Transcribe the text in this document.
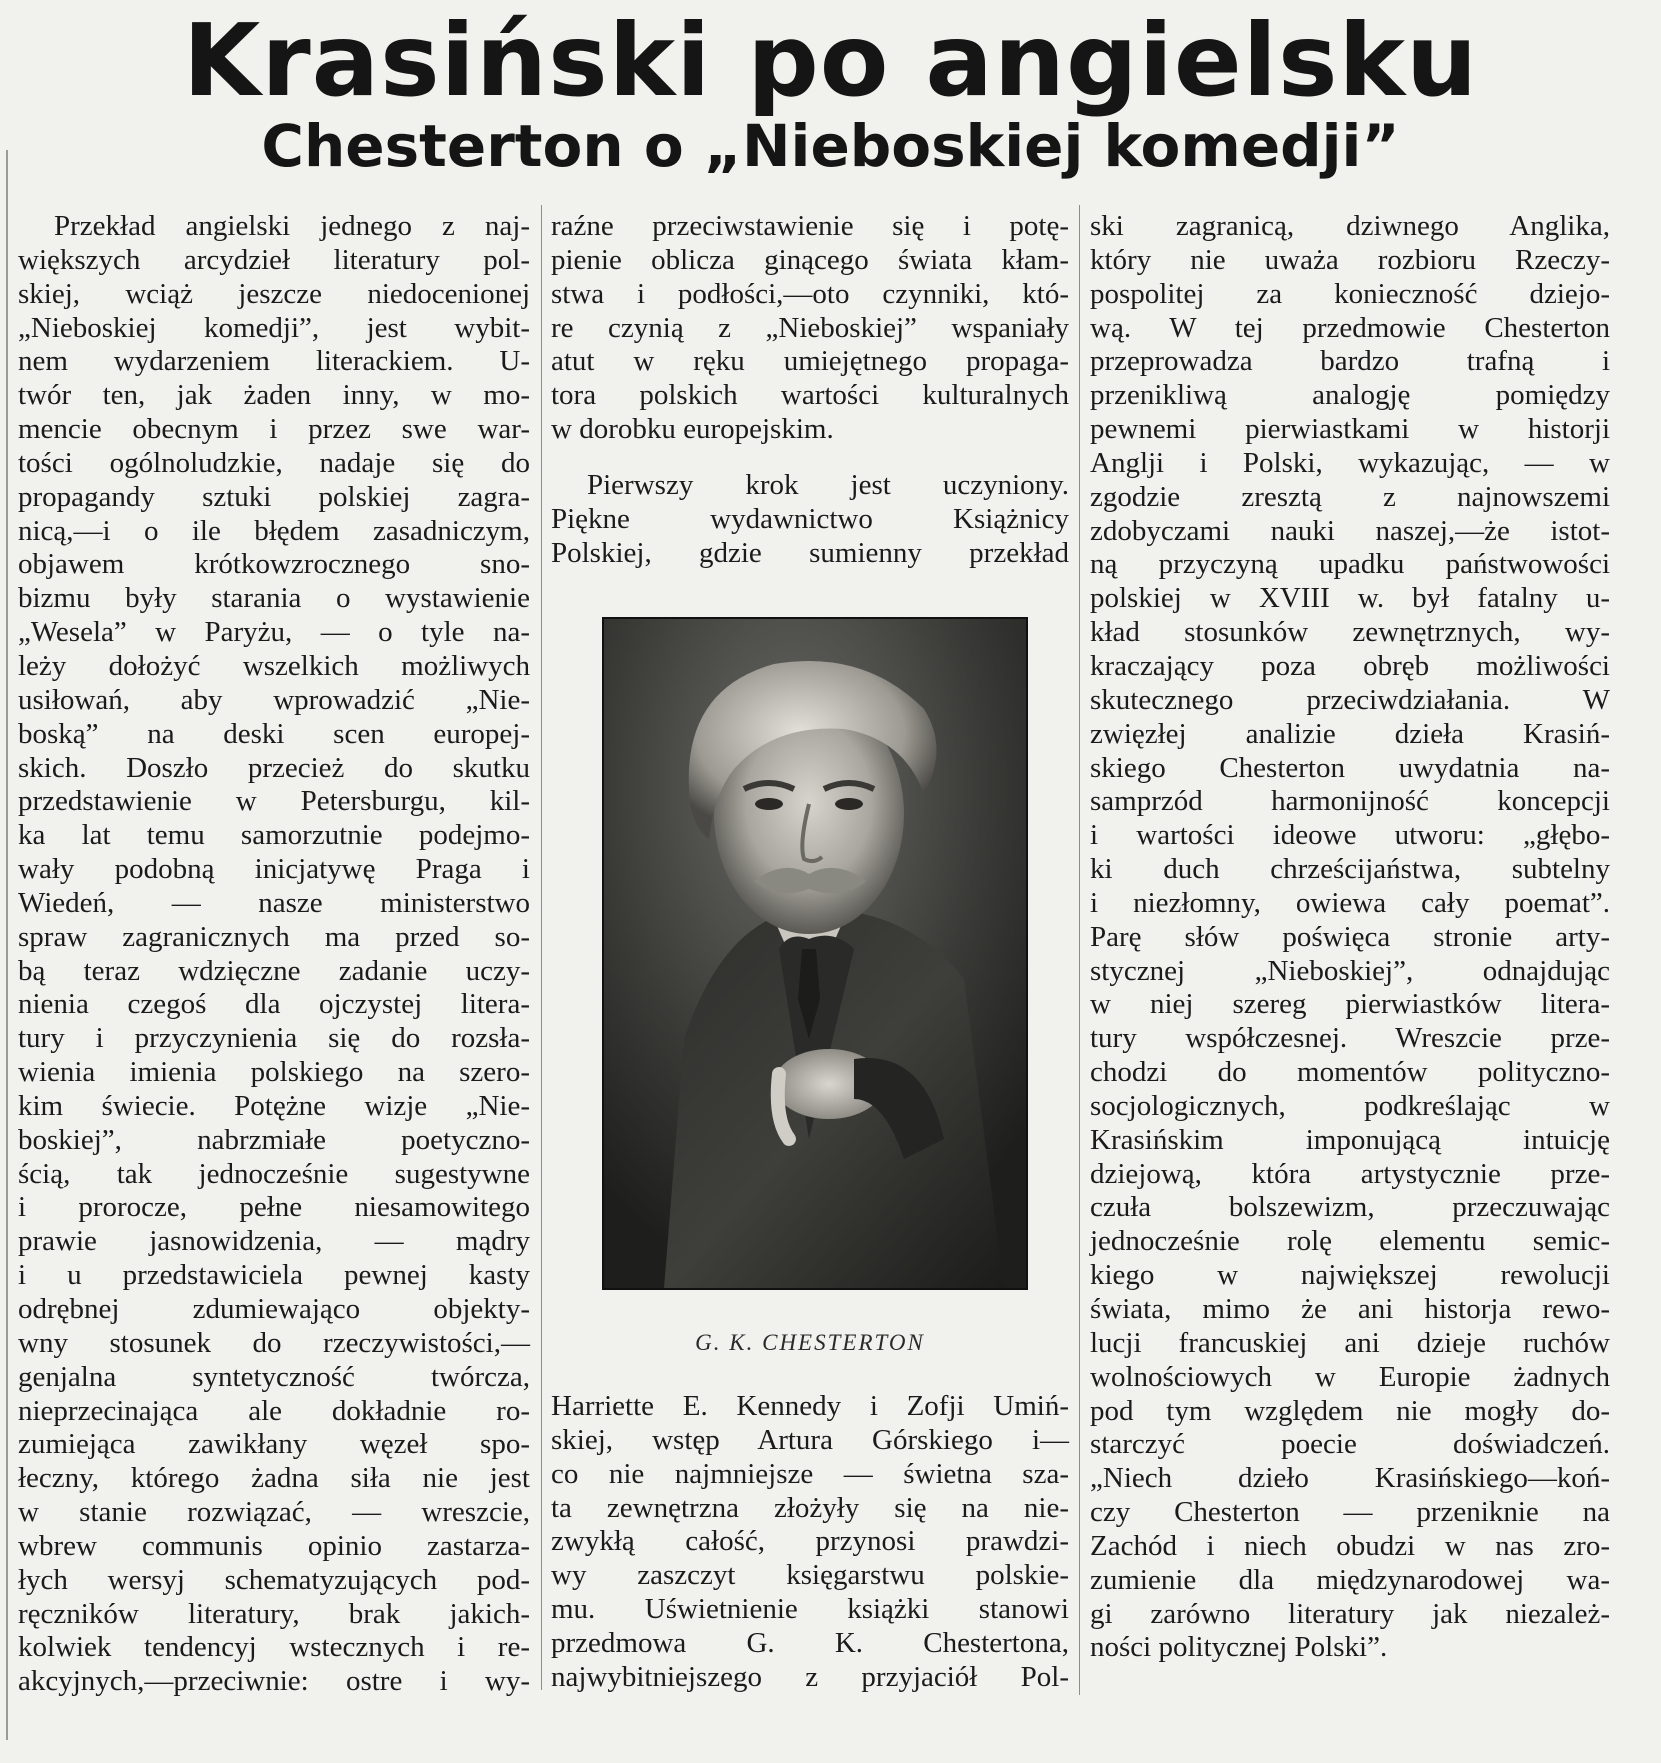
Krasiński po angielsku
Chesterton o „Nieboskiej komedji”

Przekład angielski jednego z naj-
większych arcydzieł literatury pol-
skiej, wciąż jeszcze niedocenionej
„Nieboskiej komedji”, jest wybit-
nem wydarzeniem literackiem. U-
twór ten, jak żaden inny, w mo-
mencie obecnym i przez swe war-
tości ogólnoludzkie, nadaje się do
propagandy sztuki polskiej zagra-
nicą,—i o ile błędem zasadniczym,
objawem krótkowzrocznego sno-
bizmu były starania o wystawienie
„Wesela” w Paryżu, — o tyle na-
leży dołożyć wszelkich możliwych
usiłowań, aby wprowadzić „Nie-
boską” na deski scen europej-
skich. Doszło przecież do skutku
przedstawienie w Petersburgu, kil-
ka lat temu samorzutnie podejmo-
wały podobną inicjatywę Praga i
Wiedeń, — nasze ministerstwo
spraw zagranicznych ma przed so-
bą teraz wdzięczne zadanie uczy-
nienia czegoś dla ojczystej litera-
tury i przyczynienia się do rozsła-
wienia imienia polskiego na szero-
kim świecie. Potężne wizje „Nie-
boskiej”, nabrzmiałe poetyczno-
ścią, tak jednocześnie sugestywne
i prorocze, pełne niesamowitego
prawie jasnowidzenia, — mądry
i u przedstawiciela pewnej kasty
odrębnej zdumiewająco objekty-
wny stosunek do rzeczywistości,—
genjalna syntetyczność twórcza,
nieprzecinająca ale dokładnie ro-
zumiejąca zawikłany węzeł spo-
łeczny, którego żadna siła nie jest
w stanie rozwiązać, — wreszcie,
wbrew communis opinio zastarza-
łych wersyj schematyzujących pod-
ręczników literatury, brak jakich-
kolwiek tendencyj wstecznych i re-
akcyjnych,—przeciwnie: ostre i wy-

raźne przeciwstawienie się i potę-
pienie oblicza ginącego świata kłam-
stwa i podłości,—oto czynniki, któ-
re czynią z „Nieboskiej” wspaniały
atut w ręku umiejętnego propaga-
tora polskich wartości kulturalnych
w dorobku europejskim.

Pierwszy krok jest uczyniony.
Piękne wydawnictwo Książnicy
Polskiej, gdzie sumienny przekład

G. K. CHESTERTON

Harriette E. Kennedy i Zofji Umiń-
skiej, wstęp Artura Górskiego i—
co nie najmniejsze — świetna sza-
ta zewnętrzna złożyły się na nie-
zwykłą całość, przynosi prawdzi-
wy zaszczyt księgarstwu polskie-
mu. Uświetnienie książki stanowi
przedmowa G. K. Chestertona,
najwybitniejszego z przyjaciół Pol-

ski zagranicą, dziwnego Anglika,
który nie uważa rozbioru Rzeczy-
pospolitej za konieczność dziejo-
wą. W tej przedmowie Chesterton
przeprowadza bardzo trafną i
przenikliwą analogję pomiędzy
pewnemi pierwiastkami w historji
Anglji i Polski, wykazując, — w
zgodzie zresztą z najnowszemi
zdobyczami nauki naszej,—że istot-
ną przyczyną upadku państwowości
polskiej w XVIII w. był fatalny u-
kład stosunków zewnętrznych, wy-
kraczający poza obręb możliwości
skutecznego przeciwdziałania. W
zwięzłej analizie dzieła Krasiń-
skiego Chesterton uwydatnia na-
samprzód harmonijność koncepcji
i wartości ideowe utworu: „głębo-
ki duch chrześcijaństwa, subtelny
i niezłomny, owiewa cały poemat”.
Parę słów poświęca stronie arty-
stycznej „Nieboskiej”, odnajdując
w niej szereg pierwiastków litera-
tury współczesnej. Wreszcie prze-
chodzi do momentów polityczno-
socjologicznych, podkreślając w
Krasińskim imponującą intuicję
dziejową, która artystycznie prze-
czuła bolszewizm, przeczuwając
jednocześnie rolę elementu semic-
kiego w największej rewolucji
świata, mimo że ani historja rewo-
lucji francuskiej ani dzieje ruchów
wolnościowych w Europie żadnych
pod tym względem nie mogły do-
starczyć poecie doświadczeń.
„Niech dzieło Krasińskiego—koń-
czy Chesterton — przeniknie na
Zachód i niech obudzi w nas zro-
zumienie dla międzynarodowej wa-
gi zarówno literatury jak niezależ-
ności politycznej Polski”.
